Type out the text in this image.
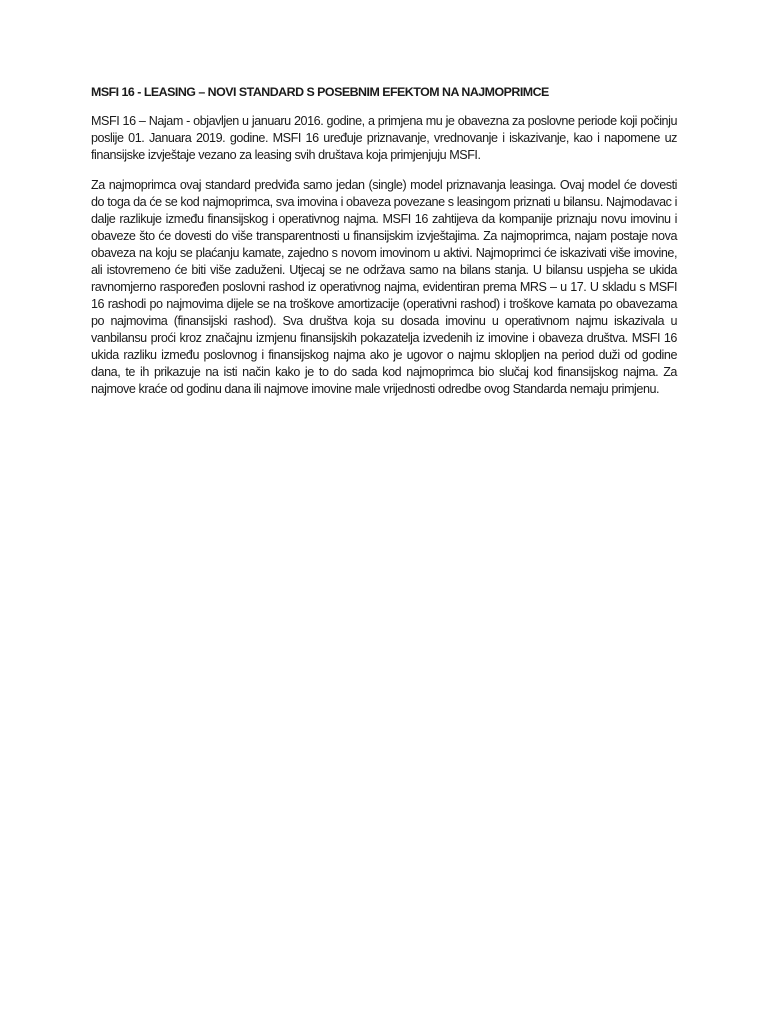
MSFI 16 - LEASING – NOVI STANDARD S POSEBNIM EFEKTOM NA NAJMOPRIMCE

MSFI 16 – Najam - objavljen u januaru 2016. godine, a primjena mu je obavezna za poslovne periode koji počinju poslije 01. Januara 2019. godine. MSFI 16 uređuje priznavanje, vrednovanje i iskazivanje, kao i napomene uz finansijske izvještaje vezano za leasing svih društava koja primjenjuju MSFI.

Za najmoprimca ovaj standard predviđa samo jedan (single) model priznavanja leasinga. Ovaj model će dovesti do toga da će se kod najmoprimca, sva imovina i obaveza povezane s leasingom priznati u bilansu. Najmodavac i dalje razlikuje između finansijskog i operativnog najma. MSFI 16 zahtijeva da kompanije priznaju novu imovinu i obaveze što će dovesti do više transparentnosti u finansijskim izvještajima. Za najmoprimca, najam postaje nova obaveza na koju se plaćanju kamate, zajedno s novom imovinom u aktivi. Najmoprimci će iskazivati više imovine, ali istovremeno će biti više zaduženi. Utjecaj se ne održava samo na bilans stanja. U bilansu uspjeha se ukida ravnomjerno raspoređen poslovni rashod iz operativnog najma, evidentiran prema MRS – u 17. U skladu s MSFI 16 rashodi po najmovima dijele se na troškove amortizacije (operativni rashod) i troškove kamata po obavezama po najmovima (finansijski rashod). Sva društva koja su dosada imovinu u operativnom najmu iskazivala u vanbilansu proći kroz značajnu izmjenu finansijskih pokazatelja izvedenih iz imovine i obaveza društva. MSFI 16 ukida razliku između poslovnog i finansijskog najma ako je ugovor o najmu sklopljen na period duži od godine dana, te ih prikazuje na isti način kako je to do sada kod najmoprimca bio slučaj kod finansijskog najma. Za najmove kraće od godinu dana ili najmove imovine male vrijednosti odredbe ovog Standarda nemaju primjenu.
